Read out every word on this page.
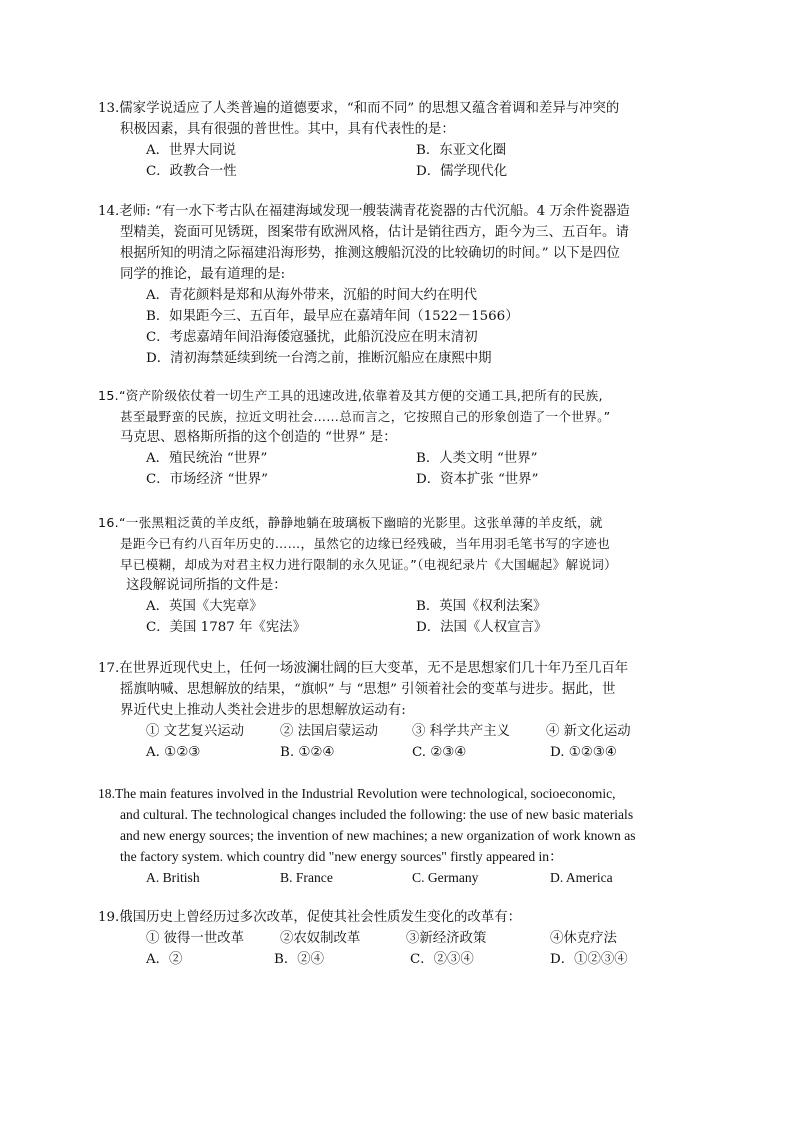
13.儒家学说适应了人类普遍的道德要求，“和而不同” 的思想又蕴含着调和差异与冲突的
积极因素，具有很强的普世性。其中，具有代表性的是：
A．世界大同说	B．东亚文化圈
C．政教合一性	D．儒学现代化
14.老师: “有一水下考古队在福建海域发现一艘装满青花瓷器的古代沉船。4 万余件瓷器造
型精美，瓷面可见锈斑，图案带有欧洲风格，估计是销往西方，距今为三、五百年。请
根据所知的明清之际福建沿海形势，推测这艘船沉没的比较确切的时间。” 以下是四位
同学的推论，最有道理的是:
A．青花颜料是郑和从海外带来，沉船的时间大约在明代
B．如果距今三、五百年，最早应在嘉靖年间（1522－1566）
C．考虑嘉靖年间沿海倭寇骚扰，此船沉没应在明末清初
D．清初海禁延续到统一台湾之前，推断沉船应在康熙中期
15.“资产阶级依仗着一切生产工具的迅速改进,依靠着及其方便的交通工具,把所有的民族,
甚至最野蛮的民族，拉近文明社会……总而言之，它按照自己的形象创造了一个世界。”
马克思、恩格斯所指的这个创造的 “世界” 是：
A．殖民统治 “世界”	B．人类文明 “世界”
C．市场经济 “世界”	D．资本扩张 “世界”
16.“一张黑粗泛黄的羊皮纸，静静地躺在玻璃板下幽暗的光影里。这张单薄的羊皮纸，就
是距今已有约八百年历史的……，虽然它的边缘已经残破，当年用羽毛笔书写的字迹也
早已模糊，却成为对君主权力进行限制的永久见证。”（电视纪录片《大国崛起》解说词）
这段解说词所指的文件是：
A．英国《大宪章》	B．英国《权利法案》
C．美国 1787 年《宪法》	D．法国《人权宣言》
17.在世界近现代史上，任何一场波澜壮阔的巨大变革，无不是思想家们几十年乃至几百年
摇旗呐喊、思想解放的结果，“旗帜” 与 “思想” 引领着社会的变革与进步。据此，世
界近代史上推动人类社会进步的思想解放运动有:
① 文艺复兴运动	② 法国启蒙运动	③ 科学共产主义	④ 新文化运动
A. ①②③	B. ①②④	C. ②③④	D. ①②③④
18.The main features involved in the Industrial Revolution were technological, socioeconomic,
and cultural. The technological changes included the following: the use of new basic materials
and new energy sources; the invention of new machines; a new organization of work known as
the factory system. which country did "new energy sources" firstly appeared in：
A. British	B. France	C. Germany	D. America
19.俄国历史上曾经历过多次改革，促使其社会性质发生变化的改革有：
① 彼得一世改革	②农奴制改革	③新经济政策	④休克疗法
A．②	B．②④	C．②③④	D．①②③④
